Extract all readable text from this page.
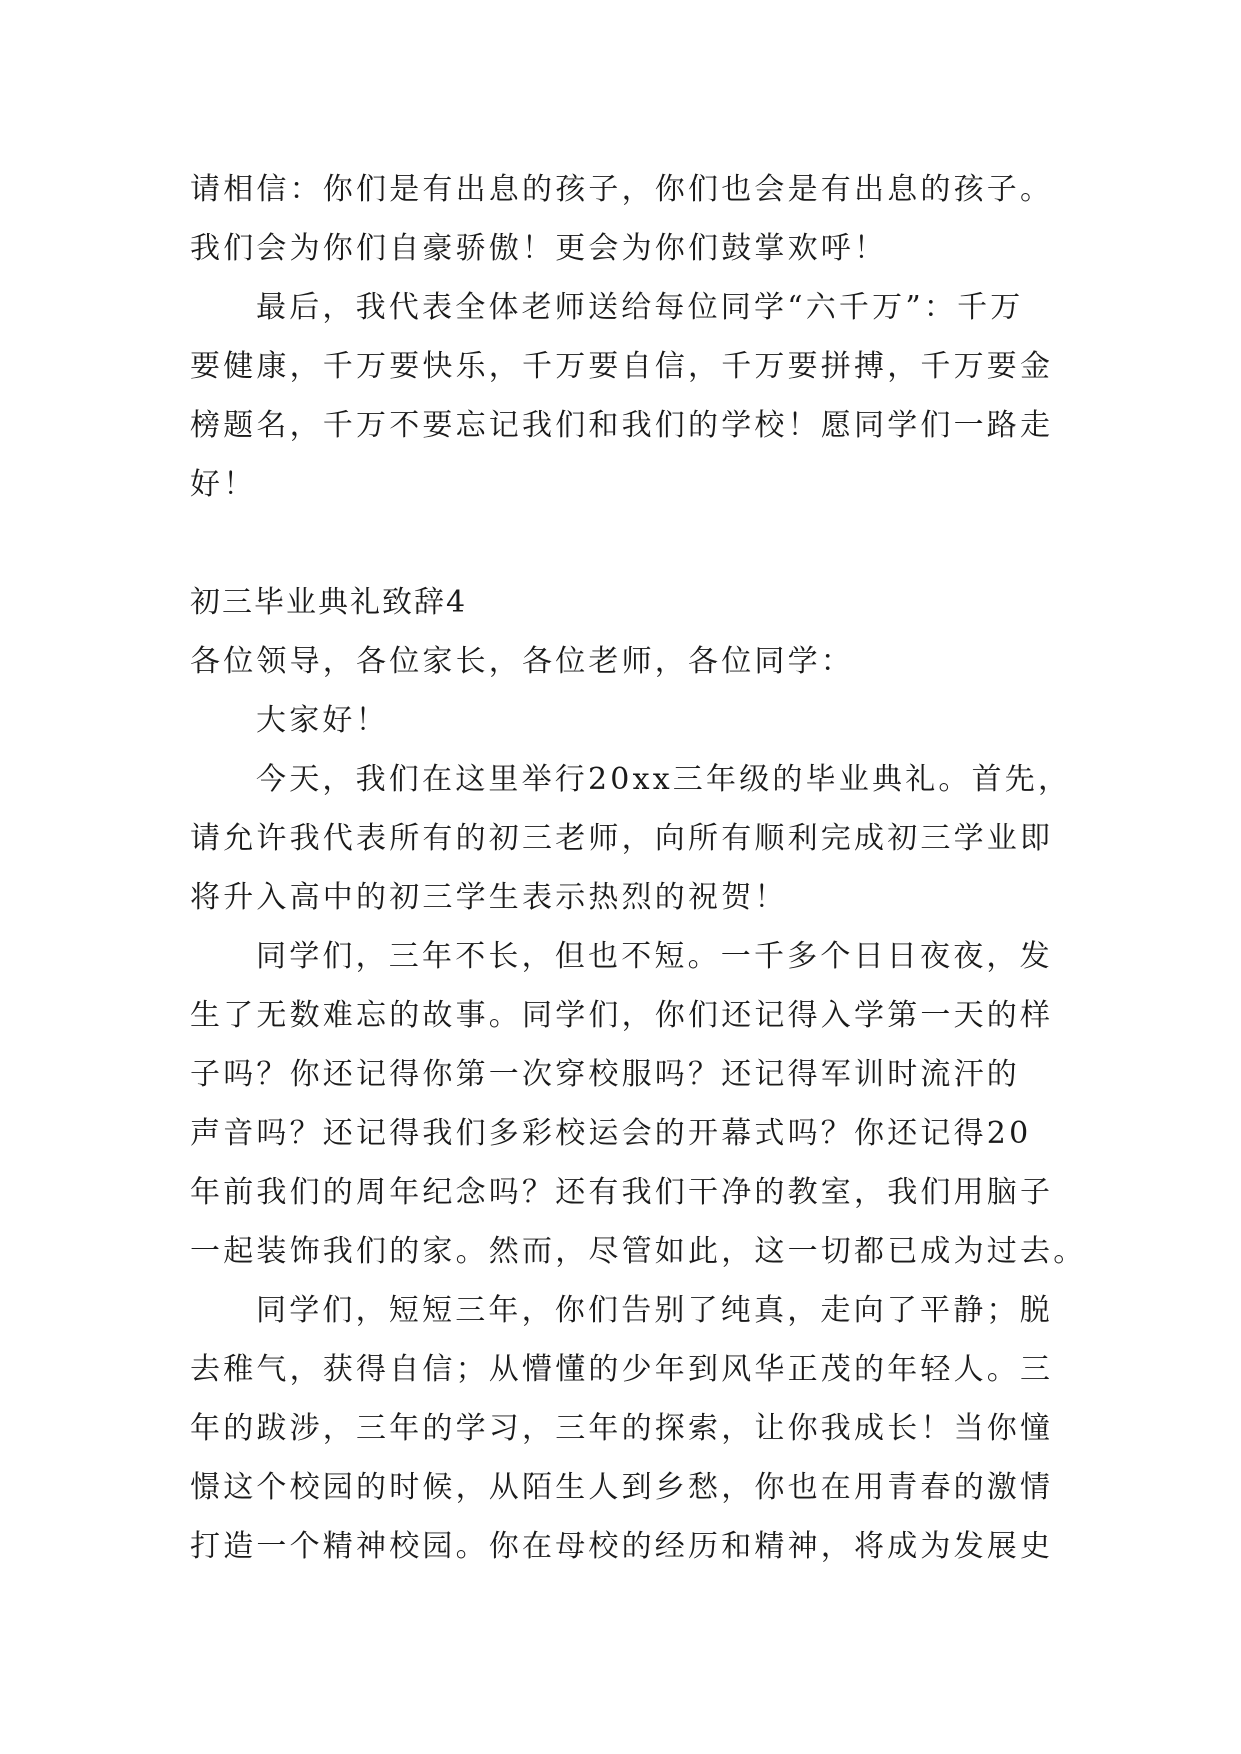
请相信：你们是有出息的孩子，你们也会是有出息的孩子。
我们会为你们自豪骄傲！更会为你们鼓掌欢呼！
最后，我代表全体老师送给每位同学“六千万”：千万
要健康，千万要快乐，千万要自信，千万要拼搏，千万要金
榜题名，千万不要忘记我们和我们的学校！愿同学们一路走
好！
初三毕业典礼致辞4
各位领导，各位家长，各位老师，各位同学：
大家好！
今天，我们在这里举行20xx三年级的毕业典礼。首先，
请允许我代表所有的初三老师，向所有顺利完成初三学业即
将升入高中的初三学生表示热烈的祝贺！
同学们，三年不长，但也不短。一千多个日日夜夜，发
生了无数难忘的故事。同学们，你们还记得入学第一天的样
子吗？你还记得你第一次穿校服吗？还记得军训时流汗的
声音吗？还记得我们多彩校运会的开幕式吗？你还记得20
年前我们的周年纪念吗？还有我们干净的教室，我们用脑子
一起装饰我们的家。然而，尽管如此，这一切都已成为过去。
同学们，短短三年，你们告别了纯真，走向了平静；脱
去稚气，获得自信；从懵懂的少年到风华正茂的年轻人。三
年的跋涉，三年的学习，三年的探索，让你我成长！当你憧
憬这个校园的时候，从陌生人到乡愁，你也在用青春的激情
打造一个精神校园。你在母校的经历和精神，将成为发展史
